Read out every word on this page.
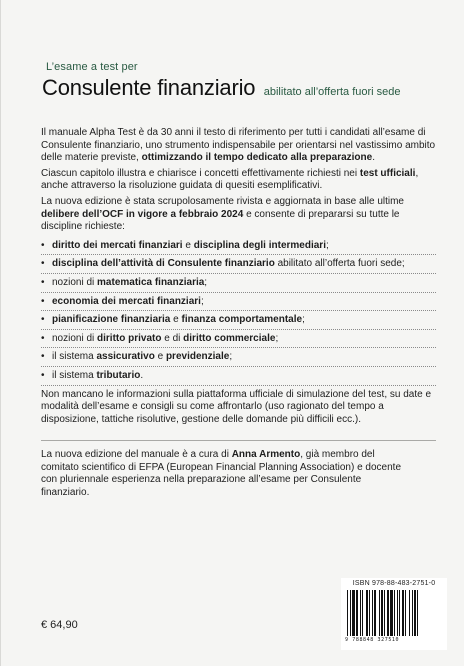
L’esame a test per
Consulente finanziario abilitato all’offerta fuori sede

Il manuale Alpha Test è da 30 anni il testo di riferimento per tutti i candidati all’esame di Consulente finanziario, uno strumento indispensabile per orientarsi nel vastissimo ambito delle materie previste, ottimizzando il tempo dedicato alla preparazione.

Ciascun capitolo illustra e chiarisce i concetti effettivamente richiesti nei test ufficiali, anche attraverso la risoluzione guidata di quesiti esemplificativi.

La nuova edizione è stata scrupolosamente rivista e aggiornata in base alle ultime delibere dell’OCF in vigore a febbraio 2024 e consente di prepararsi su tutte le discipline richieste:

• diritto dei mercati finanziari e disciplina degli intermediari;
• disciplina dell’attività di Consulente finanziario abilitato all’offerta fuori sede;
• nozioni di matematica finanziaria;
• economia dei mercati finanziari;
• pianificazione finanziaria e finanza comportamentale;
• nozioni di diritto privato e di diritto commerciale;
• il sistema assicurativo e previdenziale;
• il sistema tributario.

Non mancano le informazioni sulla piattaforma ufficiale di simulazione del test, su date e modalità dell’esame e consigli su come affrontarlo (uso ragionato del tempo a disposizione, tattiche risolutive, gestione delle domande più difficili ecc.).

La nuova edizione del manuale è a cura di Anna Armento, già membro del comitato scientifico di EFPA (European Financial Planning Association) e docente con pluriennale esperienza nella preparazione all’esame per Consulente finanziario.
€ 64,90
ISBN 978-88-483-2751-0
9 788848 327510
